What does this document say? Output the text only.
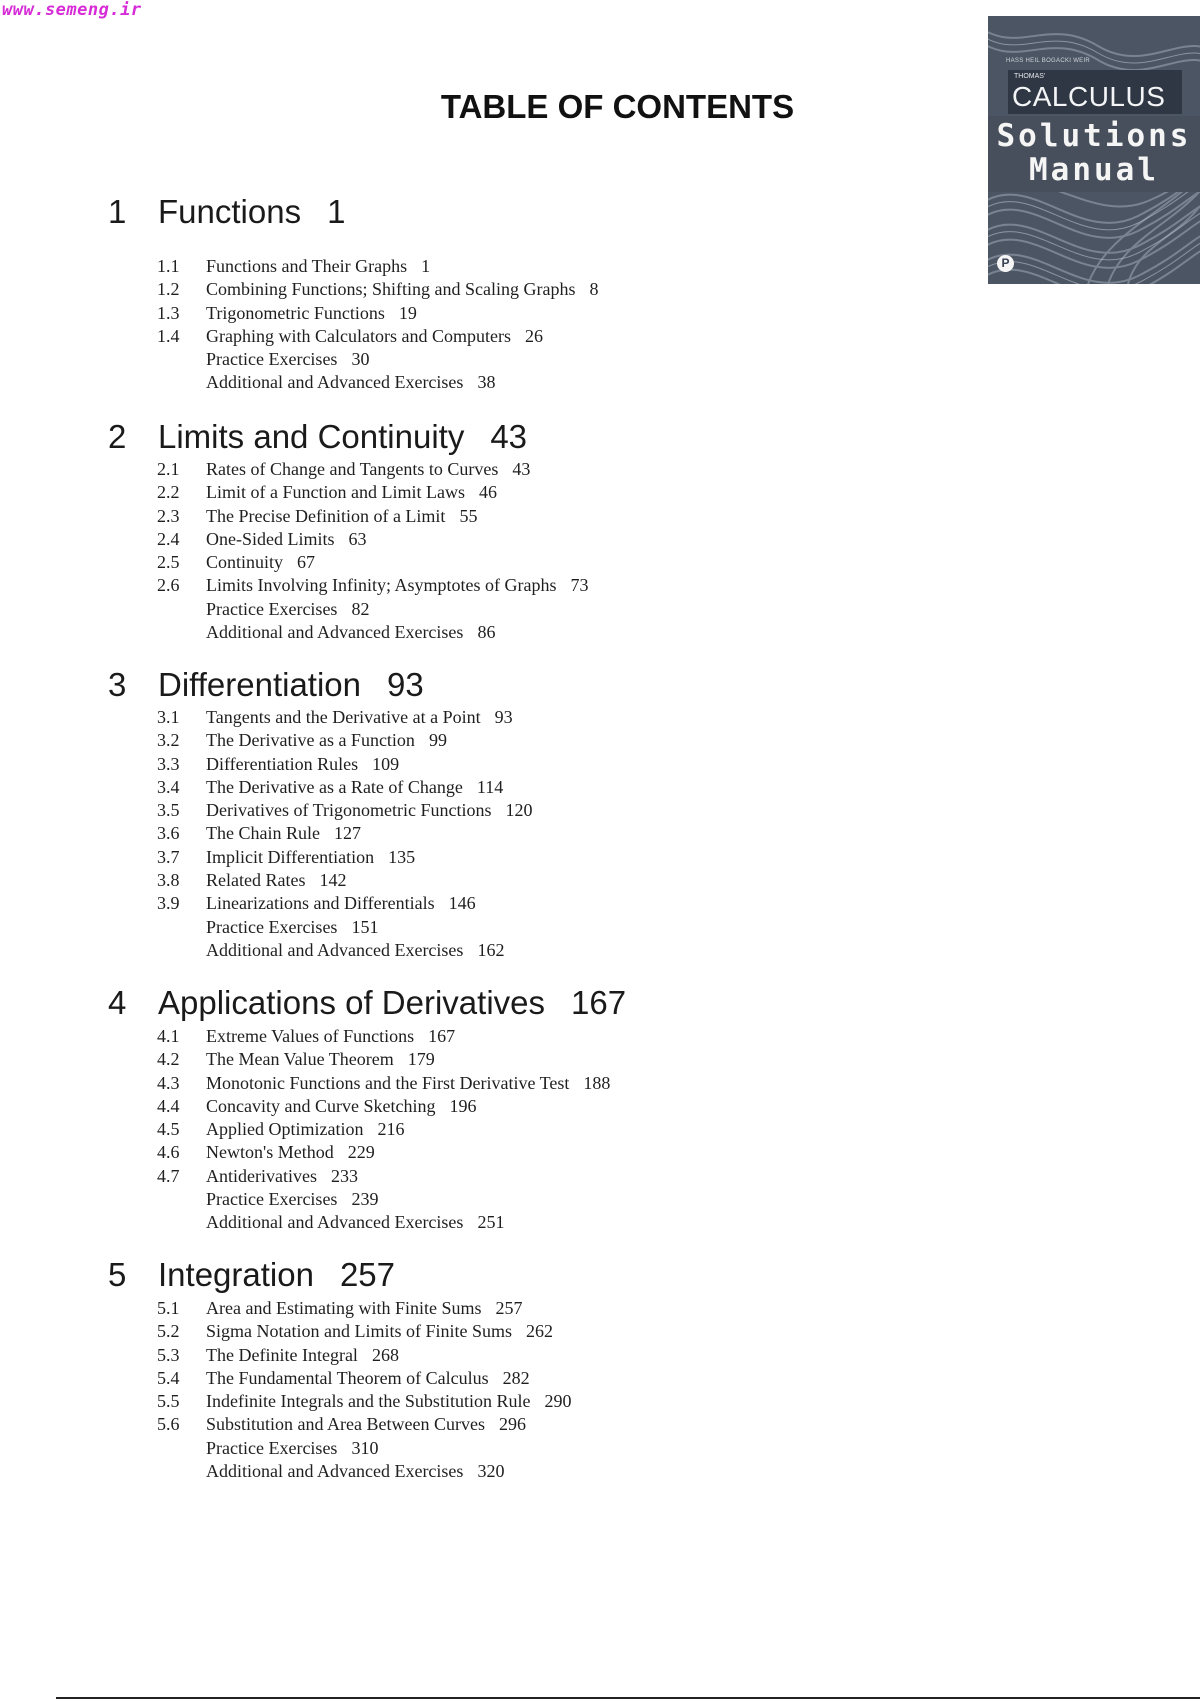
www.semeng.ir
TABLE OF CONTENTS
HASS HEIL BOGACKI WEIR
THOMAS'
CALCULUS
Solutions
Manual
P
1 Functions 1
1.1 Functions and Their Graphs 1
1.2 Combining Functions; Shifting and Scaling Graphs 8
1.3 Trigonometric Functions 19
1.4 Graphing with Calculators and Computers 26
Practice Exercises 30
Additional and Advanced Exercises 38
2 Limits and Continuity 43
2.1 Rates of Change and Tangents to Curves 43
2.2 Limit of a Function and Limit Laws 46
2.3 The Precise Definition of a Limit 55
2.4 One-Sided Limits 63
2.5 Continuity 67
2.6 Limits Involving Infinity; Asymptotes of Graphs 73
Practice Exercises 82
Additional and Advanced Exercises 86
3 Differentiation 93
3.1 Tangents and the Derivative at a Point 93
3.2 The Derivative as a Function 99
3.3 Differentiation Rules 109
3.4 The Derivative as a Rate of Change 114
3.5 Derivatives of Trigonometric Functions 120
3.6 The Chain Rule 127
3.7 Implicit Differentiation 135
3.8 Related Rates 142
3.9 Linearizations and Differentials 146
Practice Exercises 151
Additional and Advanced Exercises 162
4 Applications of Derivatives 167
4.1 Extreme Values of Functions 167
4.2 The Mean Value Theorem 179
4.3 Monotonic Functions and the First Derivative Test 188
4.4 Concavity and Curve Sketching 196
4.5 Applied Optimization 216
4.6 Newton's Method 229
4.7 Antiderivatives 233
Practice Exercises 239
Additional and Advanced Exercises 251
5 Integration 257
5.1 Area and Estimating with Finite Sums 257
5.2 Sigma Notation and Limits of Finite Sums 262
5.3 The Definite Integral 268
5.4 The Fundamental Theorem of Calculus 282
5.5 Indefinite Integrals and the Substitution Rule 290
5.6 Substitution and Area Between Curves 296
Practice Exercises 310
Additional and Advanced Exercises 320
